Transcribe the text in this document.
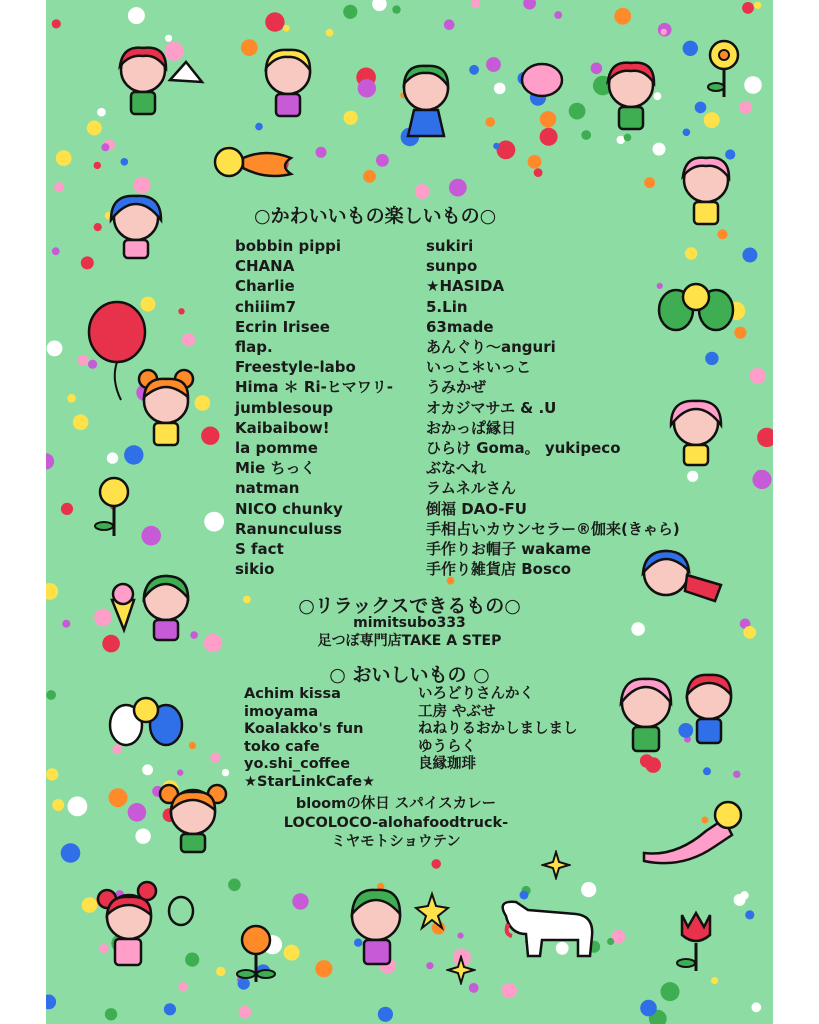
○かわいいもの楽しいもの○
bobbin pippi
CHANA
Charlie
chiiim7
Ecrin Irisee
flap.
Freestyle-labo
Hima ＊ Ri-ヒマワリ-
jumblesoup
Kaibaibow!
la pomme
Mie ちっく
natman
NICO chunky
Ranunculuss
S fact
sikio
sukiri
sunpo
★HASIDA
5.Lin
63made
あんぐり〜anguri
いっこ＊いっこ
うみかぜ
オカジマサエ & .U
おかっぱ縁日
ひらけ Goma。 yukipeco
ぶなへれ
ラムネルさん
倒福 DAO-FU
手相占いカウンセラー®伽来(きゃら)
手作りお帽子 wakame
手作り雑貨店 Bosco
○リラックスできるもの○
mimitsubo333
足つぼ専門店TAKE A STEP
○ おいしいもの ○
Achim kissa
imoyama
Koalakko's fun
toko cafe
yo.shi_coffee
★StarLinkCafe★
いろどりさんかく
工房 やぶせ
ねねりるおかしましまし
ゆうらく
良縁珈琲
bloomの休日 スパイスカレー
LOCOLOCO-alohafoodtruck-
ミヤモトショウテン
